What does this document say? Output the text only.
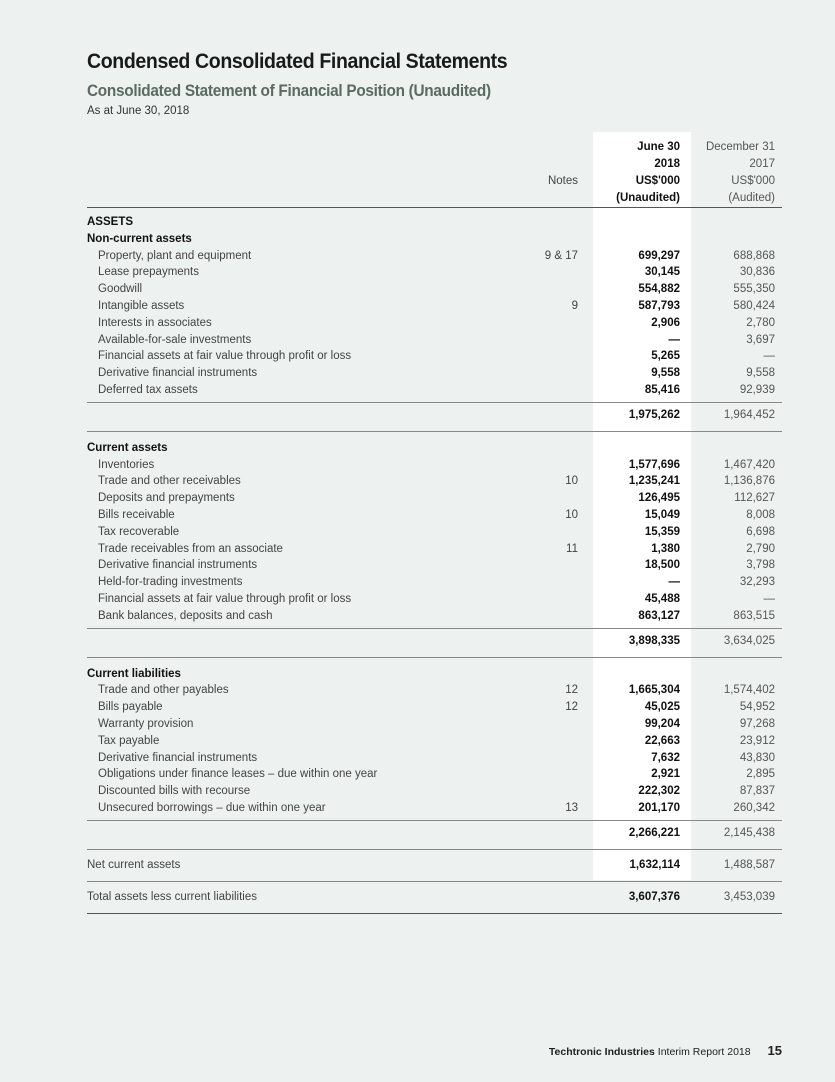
Condensed Consolidated Financial Statements
Consolidated Statement of Financial Position (Unaudited)
As at June 30, 2018
Notes
June 30
2018
US$'000
(Unaudited)
December 31
2017
US$'000
(Audited)
ASSETS
Non-current assets
Property, plant and equipment	9 & 17	699,297	688,868
Lease prepayments	30,145	30,836
Goodwill	554,882	555,350
Intangible assets	9	587,793	580,424
Interests in associates	2,906	2,780
Available-for-sale investments	—	3,697
Financial assets at fair value through profit or loss	5,265	—
Derivative financial instruments	9,558	9,558
Deferred tax assets	85,416	92,939
1,975,262	1,964,452
Current assets
Inventories	1,577,696	1,467,420
Trade and other receivables	10	1,235,241	1,136,876
Deposits and prepayments	126,495	112,627
Bills receivable	10	15,049	8,008
Tax recoverable	15,359	6,698
Trade receivables from an associate	11	1,380	2,790
Derivative financial instruments	18,500	3,798
Held-for-trading investments	—	32,293
Financial assets at fair value through profit or loss	45,488	—
Bank balances, deposits and cash	863,127	863,515
3,898,335	3,634,025
Current liabilities
Trade and other payables	12	1,665,304	1,574,402
Bills payable	12	45,025	54,952
Warranty provision	99,204	97,268
Tax payable	22,663	23,912
Derivative financial instruments	7,632	43,830
Obligations under finance leases – due within one year	2,921	2,895
Discounted bills with recourse	222,302	87,837
Unsecured borrowings – due within one year	13	201,170	260,342
2,266,221	2,145,438
Net current assets	1,632,114	1,488,587
Total assets less current liabilities	3,607,376	3,453,039
Techtronic Industries Interim Report 2018 15
